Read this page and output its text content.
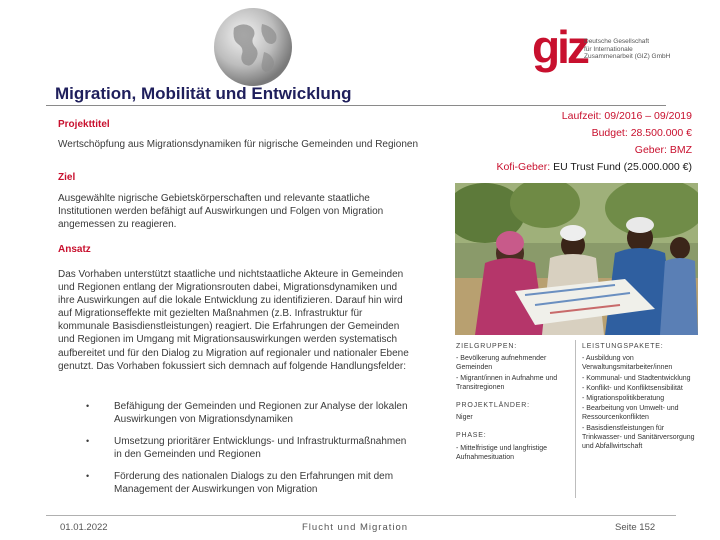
giz
Deutsche Gesellschaft
für Internationale
Zusammenarbeit (GIZ) GmbH
Migration, Mobilität und Entwicklung
Projekttitel
Wertschöpfung aus Migrationsdynamiken für nigrische Gemeinden und Regionen
Ziel
Ausgewählte nigrische Gebietskörperschaften und relevante staatliche Institutionen werden befähigt auf Auswirkungen und Folgen von Migration angemessen zu reagieren.
Ansatz
Das Vorhaben unterstützt staatliche und nichtstaatliche Akteure in Gemeinden und Regionen entlang der Migrationsrouten dabei, Migrationsdynamiken und ihre Auswirkungen auf die lokale Entwicklung zu identifizieren. Darauf hin wird auf Migrationseffekte mit gezielten Maßnahmen (z.B. Infrastruktur für kommunale Basisdienstleistungen) reagiert. Die Erfahrungen der Gemeinden und Regionen im Umgang mit Migrationsauswirkungen werden systematisch aufbereitet und für den Dialog zu Migration auf regionaler und nationaler Ebene genutzt. Das Vorhaben fokussiert sich demnach auf folgende Handlungsfelder:
• Befähigung der Gemeinden und Regionen zur Analyse der lokalen Auswirkungen von Migrationsdynamiken
• Umsetzung prioritärer Entwicklungs- und Infrastrukturmaßnahmen in den Gemeinden und Regionen
• Förderung des nationalen Dialogs zu den Erfahrungen mit dem Management der Auswirkungen von Migration
Laufzeit: 09/2016 – 09/2019
Budget: 28.500.000 €
Geber: BMZ
Kofi-Geber: EU Trust Fund (25.000.000 €)
ZIELGRUPPEN:
- Bevölkerung aufnehmender Gemeinden
- Migrant/innen in Aufnahme und Transitregionen
PROJEKTLÄNDER:
Niger
PHASE:
- Mittelfristige und langfristige Aufnahmesituation
LEISTUNGSPAKETE:
- Ausbildung von Verwaltungsmitarbeiter/innen
- Kommunal- und Stadtentwicklung
- Konflikt- und Konfliktsensibilität
- Migrationspolitikberatung
- Bearbeitung von Umwelt- und Ressourcenkonflikten
- Basisdienstleistungen für Trinkwasser- und Sanitärversorgung und Abfallwirtschaft
01.01.2022	Flucht und Migration	Seite 152
